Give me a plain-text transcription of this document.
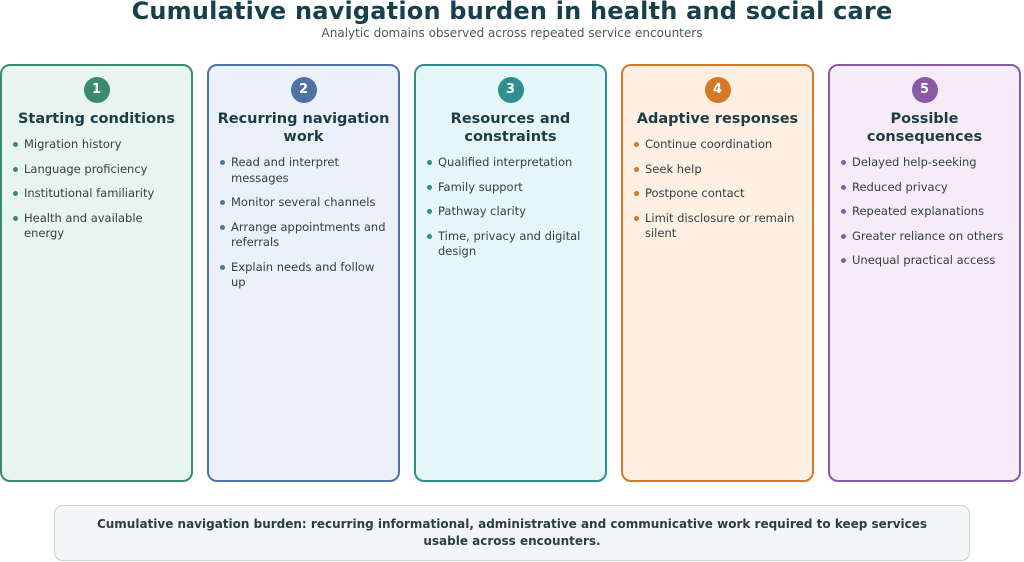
Cumulative navigation burden in health and social care

Analytic domains observed across repeated service encounters

1
Starting conditions
Migration history
Language proficiency
Institutional familiarity
Health and available energy
2
Recurring navigation work
Read and interpret messages
Monitor several channels
Arrange appointments and referrals
Explain needs and follow up
3
Resources and constraints
Qualified interpretation
Family support
Pathway clarity
Time, privacy and digital design
4
Adaptive responses
Continue coordination
Seek help
Postpone contact
Limit disclosure or remain silent
5
Possible consequences
Delayed help-seeking
Reduced privacy
Repeated explanations
Greater reliance on others
Unequal practical access
Cumulative navigation burden: recurring informational, administrative and communicative work required to keep services usable across encounters.
